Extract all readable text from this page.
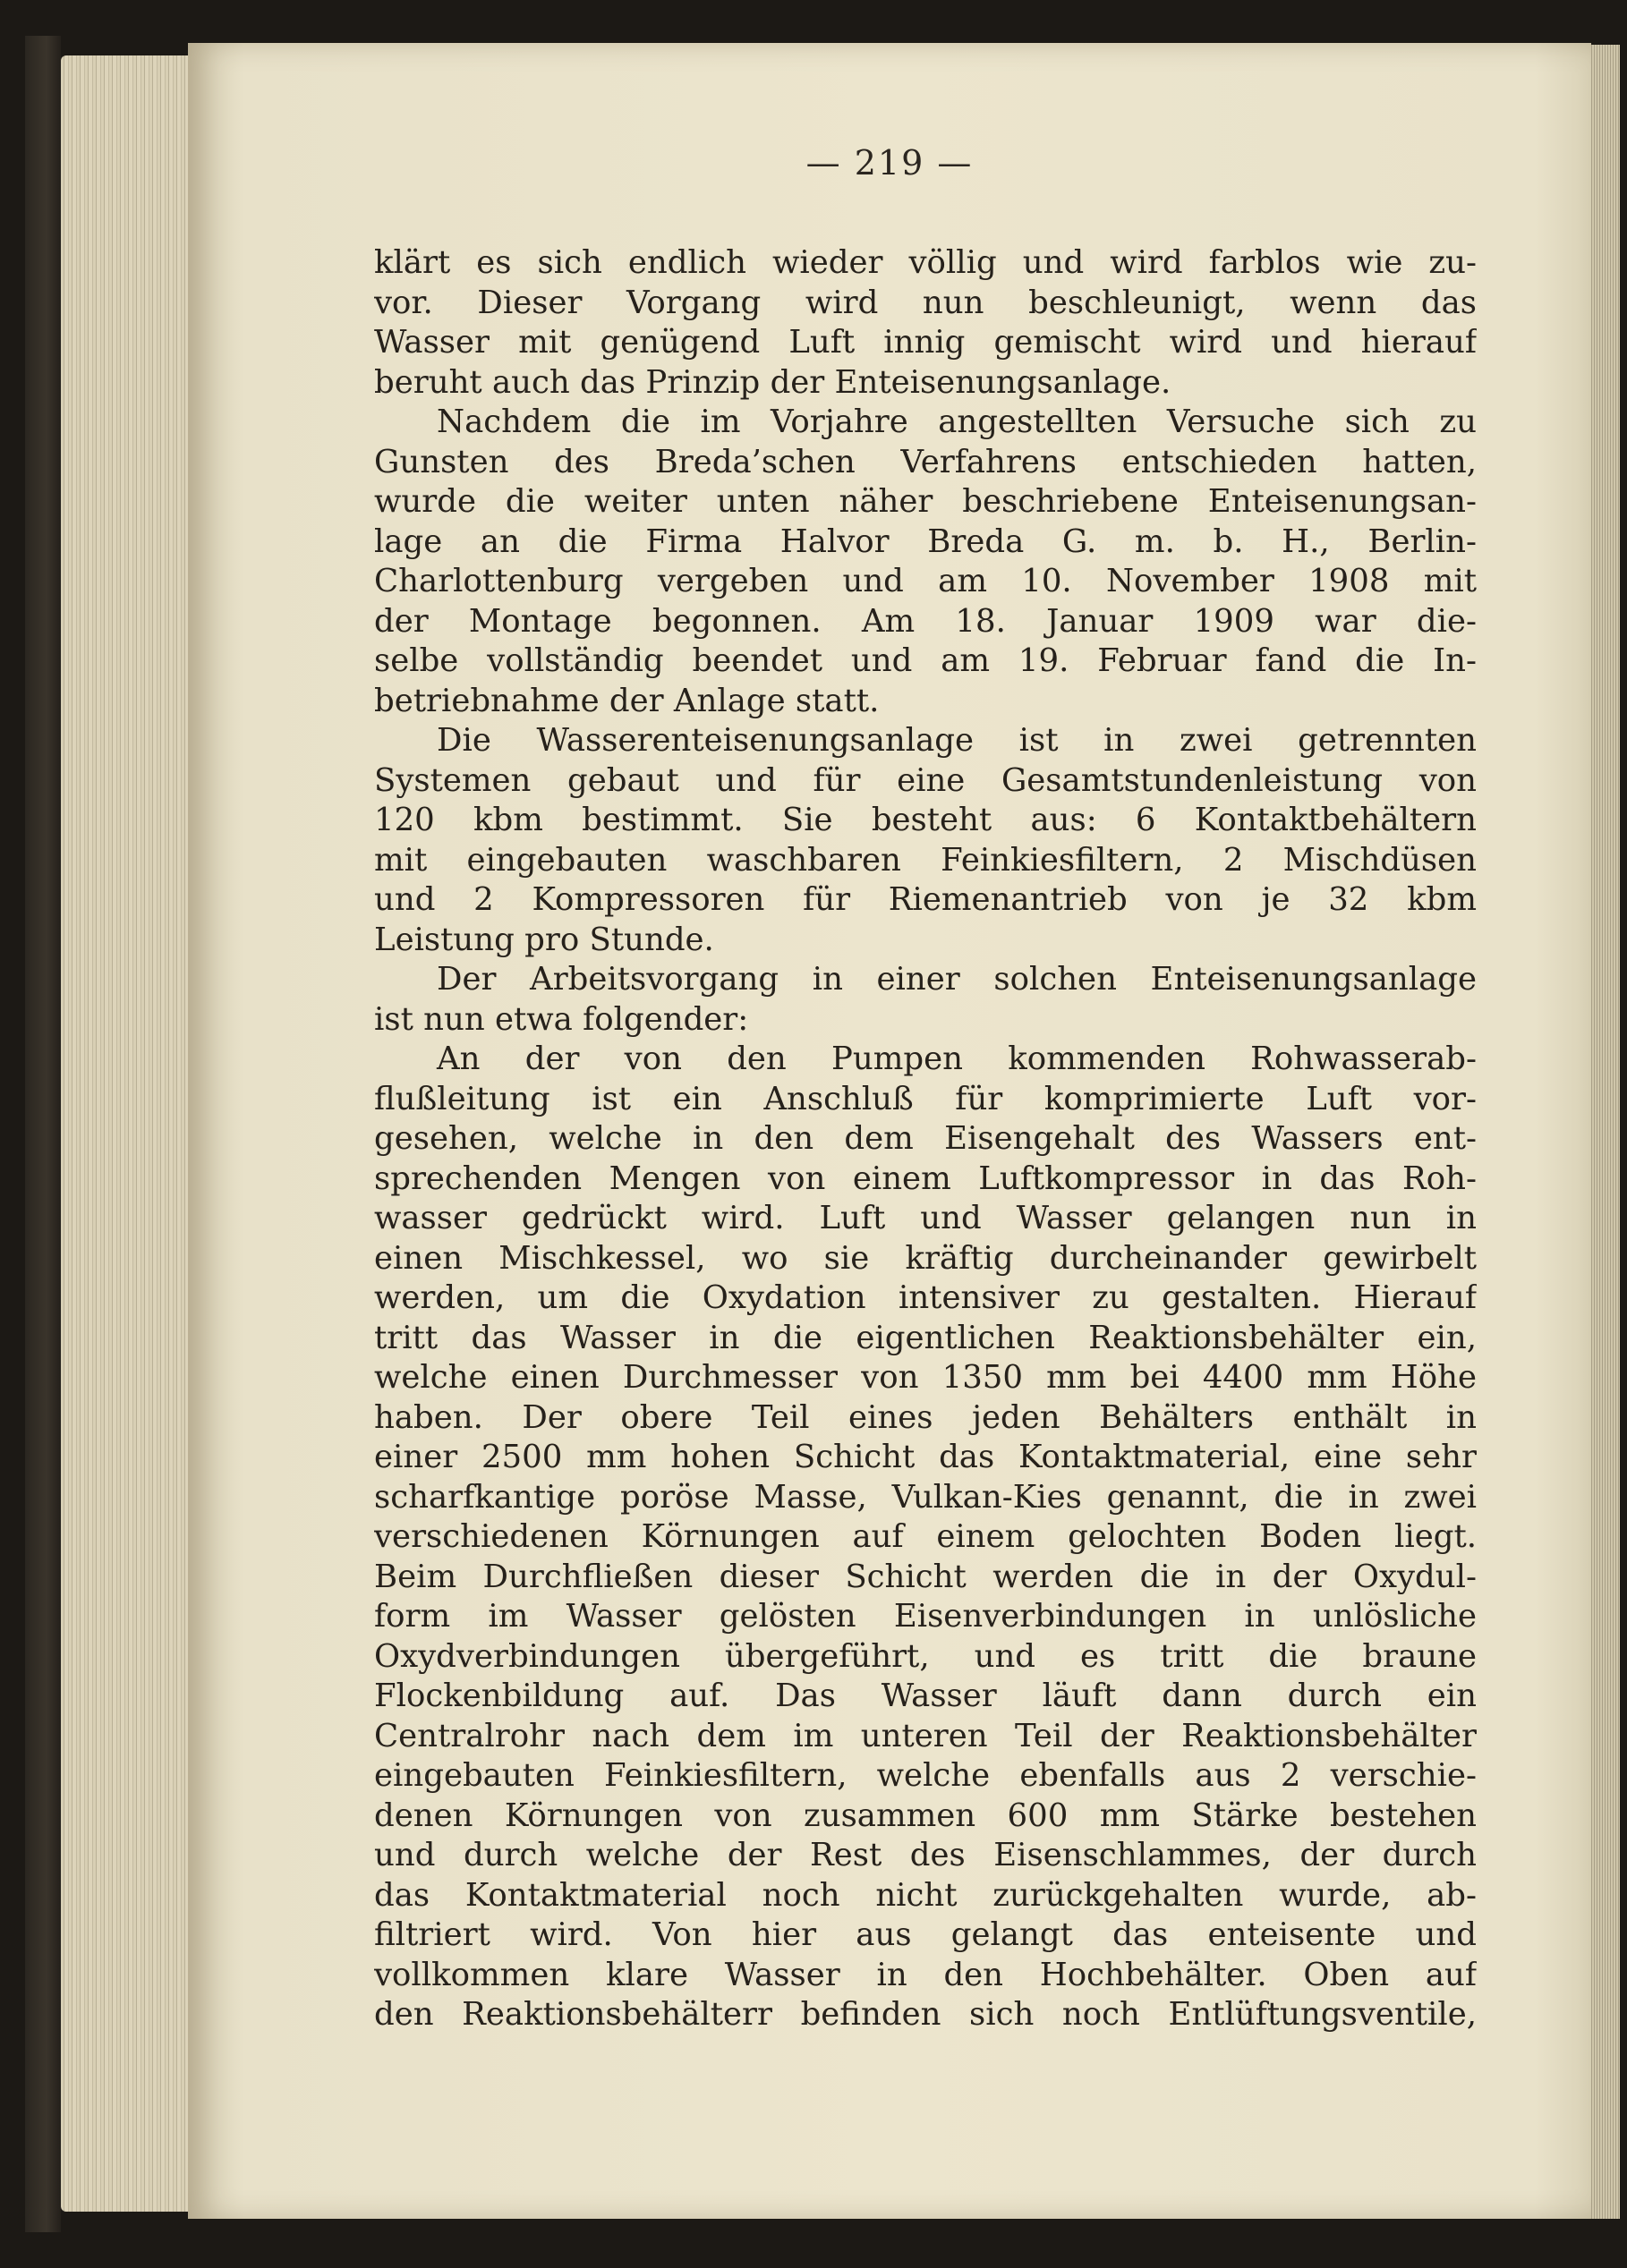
— 219 —
klärt es sich endlich wieder völlig und wird farblos wie zu-
vor. Dieser Vorgang wird nun beschleunigt, wenn das
Wasser mit genügend Luft innig gemischt wird und hierauf
beruht auch das Prinzip der Enteisenungsanlage.
Nachdem die im Vorjahre angestellten Versuche sich zu
Gunsten des Breda’schen Verfahrens entschieden hatten,
wurde die weiter unten näher beschriebene Enteisenungsan-
lage an die Firma Halvor Breda G. m. b. H., Berlin-
Charlottenburg vergeben und am 10. November 1908 mit
der Montage begonnen. Am 18. Januar 1909 war die-
selbe vollständig beendet und am 19. Februar fand die In-
betriebnahme der Anlage statt.
Die Wasserenteisenungsanlage ist in zwei getrennten
Systemen gebaut und für eine Gesamtstundenleistung von
120 kbm bestimmt. Sie besteht aus: 6 Kontaktbehältern
mit eingebauten waschbaren Feinkiesfiltern, 2 Mischdüsen
und 2 Kompressoren für Riemenantrieb von je 32 kbm
Leistung pro Stunde.
Der Arbeitsvorgang in einer solchen Enteisenungsanlage
ist nun etwa folgender:
An der von den Pumpen kommenden Rohwasserab-
flußleitung ist ein Anschluß für komprimierte Luft vor-
gesehen, welche in den dem Eisengehalt des Wassers ent-
sprechenden Mengen von einem Luftkompressor in das Roh-
wasser gedrückt wird. Luft und Wasser gelangen nun in
einen Mischkessel, wo sie kräftig durcheinander gewirbelt
werden, um die Oxydation intensiver zu gestalten. Hierauf
tritt das Wasser in die eigentlichen Reaktionsbehälter ein,
welche einen Durchmesser von 1350 mm bei 4400 mm Höhe
haben. Der obere Teil eines jeden Behälters enthält in
einer 2500 mm hohen Schicht das Kontaktmaterial, eine sehr
scharfkantige poröse Masse, Vulkan-Kies genannt, die in zwei
verschiedenen Körnungen auf einem gelochten Boden liegt.
Beim Durchfließen dieser Schicht werden die in der Oxydul-
form im Wasser gelösten Eisenverbindungen in unlösliche
Oxydverbindungen übergeführt, und es tritt die braune
Flockenbildung auf. Das Wasser läuft dann durch ein
Centralrohr nach dem im unteren Teil der Reaktionsbehälter
eingebauten Feinkiesfiltern, welche ebenfalls aus 2 verschie-
denen Körnungen von zusammen 600 mm Stärke bestehen
und durch welche der Rest des Eisenschlammes, der durch
das Kontaktmaterial noch nicht zurückgehalten wurde, ab-
filtriert wird. Von hier aus gelangt das enteisente und
vollkommen klare Wasser in den Hochbehälter. Oben auf
den Reaktionsbehälterr befinden sich noch Entlüftungsventile,
